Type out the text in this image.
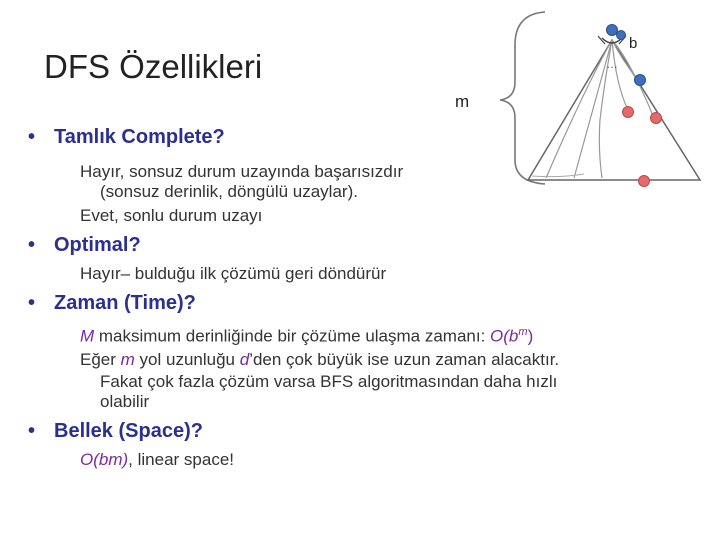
DFS Özellikleri
• Tamlık Complete?
Hayır, sonsuz durum uzayında başarısızdır
(sonsuz derinlik, döngülü uzaylar).
Evet, sonlu durum uzayı
• Optimal?
Hayır– bulduğu ilk çözümü geri döndürür
• Zaman (Time)?
M maksimum derinliğinde bir çözüme ulaşma zamanı: $O(b^m)$
Eğer m yol uzunluğu d’den çok büyük ise uzun zaman alacaktır.
Fakat çok fazla çözüm varsa BFS algoritmasından daha hızlı
olabilir
• Bellek (Space)?
O(bm), linear space!
m
b
…
